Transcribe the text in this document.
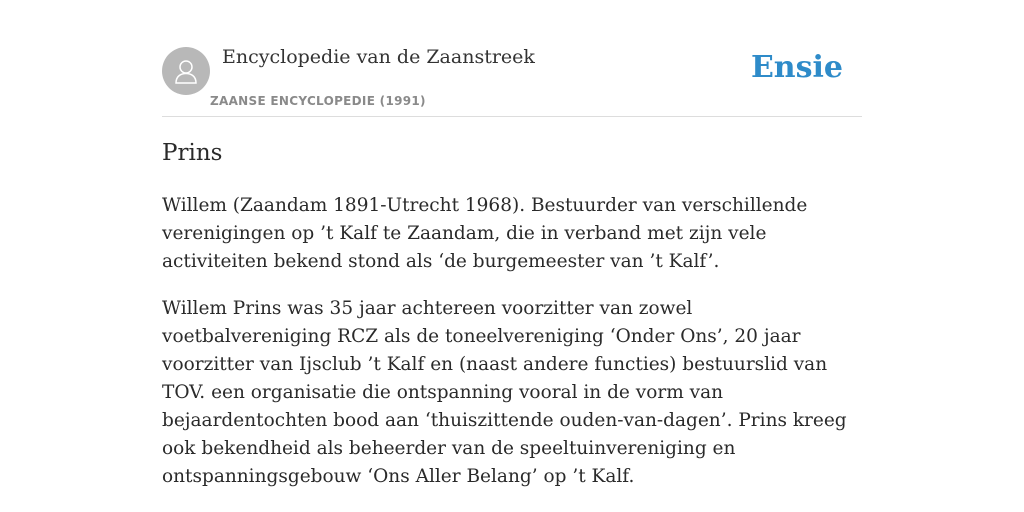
Encyclopedie van de Zaanstreek
ZAANSE ENCYCLOPEDIE (1991)
Ensie
Prins

Willem (Zaandam 1891-Utrecht 1968). Bestuurder van verschillende verenigingen op ’t Kalf te Zaandam, die in verband met zijn vele activiteiten bekend stond als ‘de burgemeester van ’t Kalf’.

Willem Prins was 35 jaar achtereen voorzitter van zowel voetbalvereniging RCZ als de toneelvereniging ‘Onder Ons’, 20 jaar voorzitter van Ijsclub ’t Kalf en (naast andere functies) bestuurslid van TOV. een organisatie die ontspanning vooral in de vorm van bejaardentochten bood aan ‘thuiszittende ouden-van-dagen’. Prins kreeg ook bekendheid als beheerder van de speeltuinvereniging en ontspanningsgebouw ‘Ons Aller Belang’ op ’t Kalf.
